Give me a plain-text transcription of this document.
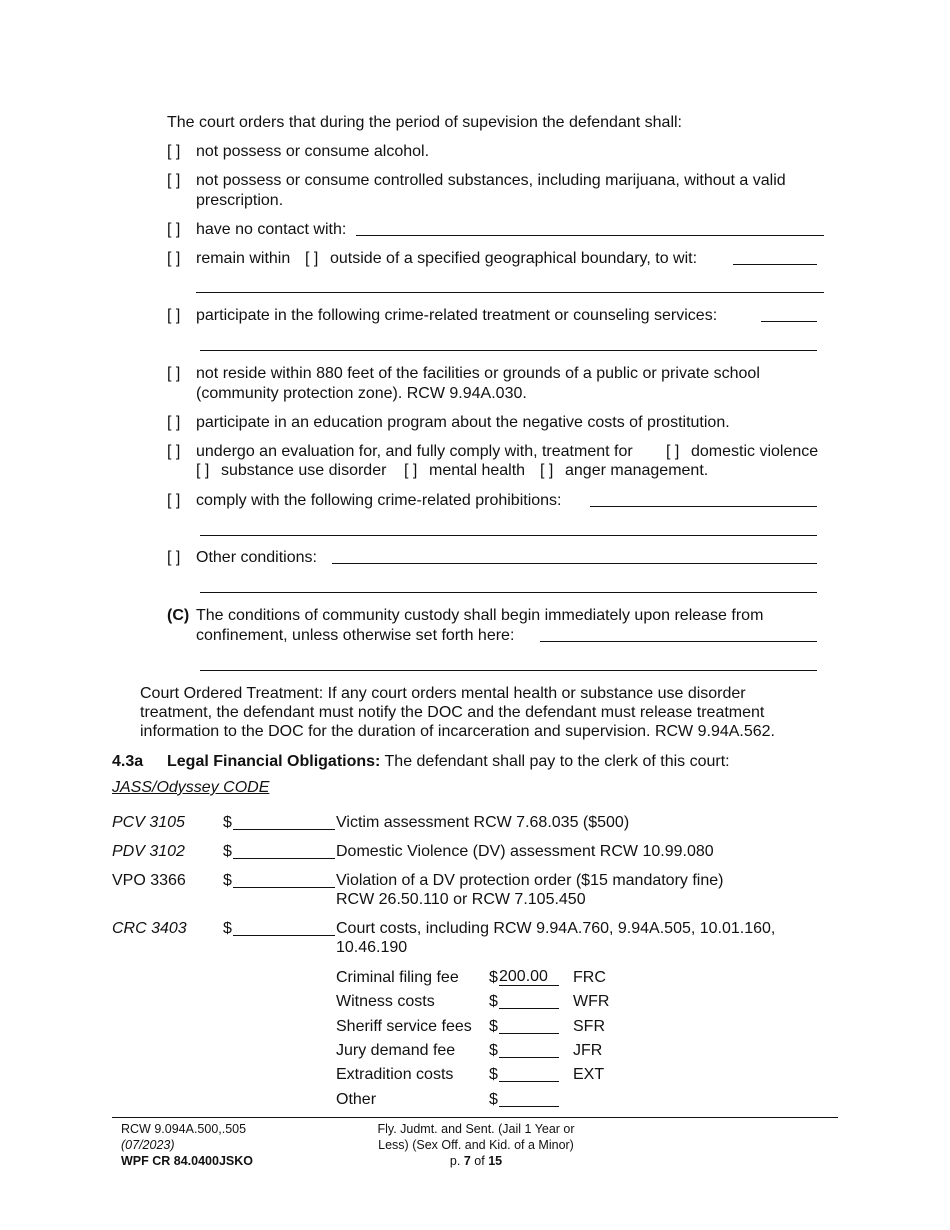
The court orders that during the period of supevision the defendant shall:
[ ] not possess or consume alcohol.
[ ] not possess or consume controlled substances, including marijuana, without a valid
prescription.
[ ] have no contact with:
[ ] remain within [ ] outside of a specified geographical boundary, to wit:
[ ] participate in the following crime-related treatment or counseling services:
[ ] not reside within 880 feet of the facilities or grounds of a public or private school
(community protection zone). RCW 9.94A.030.
[ ] participate in an education program about the negative costs of prostitution.
[ ] undergo an evaluation for, and fully comply with, treatment for [ ] domestic violence
[ ] substance use disorder [ ] mental health [ ] anger management.
[ ] comply with the following crime-related prohibitions:
[ ] Other conditions:
(C) The conditions of community custody shall begin immediately upon release from
confinement, unless otherwise set forth here:
Court Ordered Treatment: If any court orders mental health or substance use disorder
treatment, the defendant must notify the DOC and the defendant must release treatment
information to the DOC for the duration of incarceration and supervision. RCW 9.94A.562.
4.3a Legal Financial Obligations: The defendant shall pay to the clerk of this court:
JASS/Odyssey CODE
PCV 3105 $	Victim assessment RCW 7.68.035 ($500)
PDV 3102 $	Domestic Violence (DV) assessment RCW 10.99.080
VPO 3366 $	Violation of a DV protection order ($15 mandatory fine)
RCW 26.50.110 or RCW 7.105.450
CRC 3403 $	Court costs, including RCW 9.94A.760, 9.94A.505, 10.01.160,
10.46.190
Criminal filing fee $ 200.00	FRC
Witness costs	$	WFR
Sheriff service fees $	SFR
Jury demand fee $	JFR
Extradition costs $	EXT
Other	$
RCW 9.094A.500,.505
(07/2023)
WPF CR 84.0400JSKO
Fly. Judmt. and Sent. (Jail 1 Year or
Less) (Sex Off. and Kid. of a Minor)
p. 7 of 15
